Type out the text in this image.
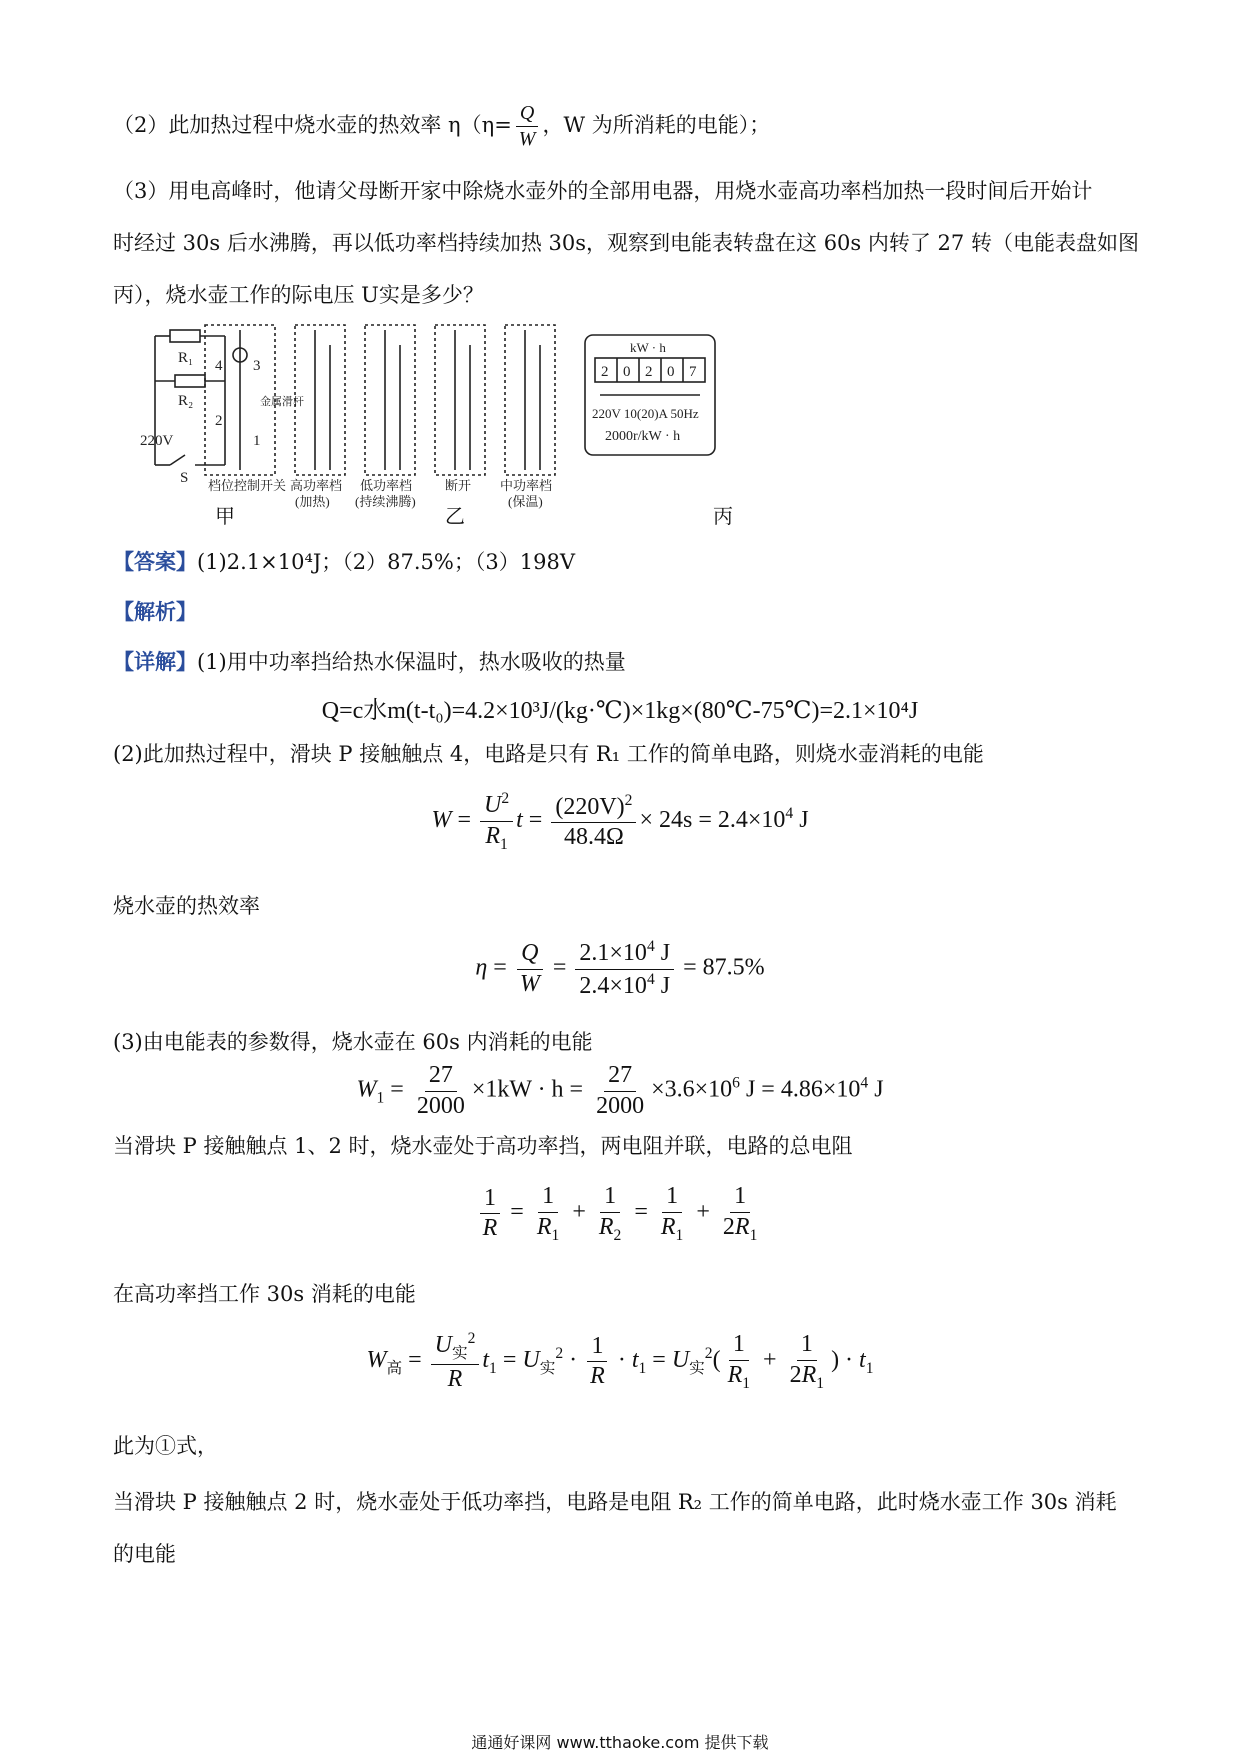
（2）此加热过程中烧水壶的热效率 $\eta(\eta= \frac{Q}{W}$ ，W 为所消耗的电能）；
（3）用电高峰时，他请父母断开家中除烧水壶外的全部用电器，用烧水壶高功率档加热一段时间后开始计
时经过 30s 后水沸腾，再以低功率档持续加热 30s，观察到电能表转盘在这 60s 内转了 27 转（电能表盘如图
丙），烧水壶工作的际电压 U实是多少？
R₁
R₂
220V
S
4 3
2
1
金属滑杆
档位控制开关 高功率档
(加热)
低功率档
(持续沸腾)
断开 中功率档
(保温)
kW · h
2 0 2 0 7
220V 10(20)A 50Hz
2000r/kW · h
甲	乙	丙
【答案】(1)2.1×10⁴J；（2）87.5%；（3）198V
【解析】
【详解】(1)用中功率挡给热水保温时，热水吸收的热量
Q=c水m(t-t₀)=4.2×10³J/(kg·℃)×1kg×(80℃-75℃)=2.1×10⁴J
(2)此加热过程中，滑块 P 接触触点 4，电路是只有 R₁ 工作的简单电路，则烧水壶消耗的电能
$W = \frac{U^2}{R_1}$ $t = \frac{(220V)^2}{48.4\Omega} \times 24s = 2.4\times 10^4$ J
烧水壶的热效率
$\eta = \frac{Q}{W} = \frac{2.1\times 10^4 J}{2.4\times 10^4 J} = 87.5\%$
(3)由电能表的参数得，烧水壶在 60s 内消耗的电能
$W_1 = \frac{27}{2000} \times 1kW \cdot h = \frac{27}{2000} \times 3.6\times 10^6$ $J = 4.86\times 10^4$ J
当滑块 P 接触触点 1、2 时，烧水壶处于高功率挡，两电阻并联，电路的总电阻
$\frac{1}{R} = \frac{1}{R_1} + \frac{1}{R_2} = \frac{1}{R_1} + \frac{1}{2R_1}$
在高功率挡工作 30s 消耗的电能
$W_高 = \frac{U_实^2}{R} t_1 = U_实^2 \cdot \frac{1}{R} \cdot t_1 = U_实^2( \frac{1}{R_1} + \frac{1}{2R_1}$ ) · $t_1$
此为①式，
当滑块 P 接触触点 2 时，烧水壶处于低功率挡，电路是电阻 R₂ 工作的简单电路，此时烧水壶工作 30s 消耗
的电能
通通好课网 www.tthaoke.com 提供下载
